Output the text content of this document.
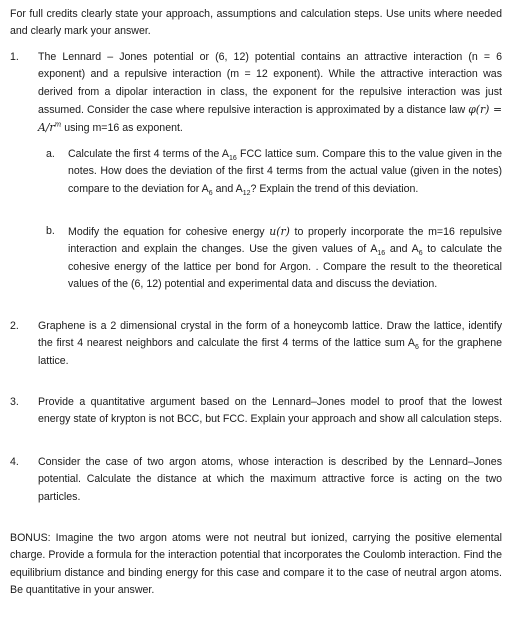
For full credits clearly state your approach, assumptions and calculation steps. Use units where needed and clearly mark your answer.

1. The Lennard – Jones potential or (6, 12) potential contains an attractive interaction (n = 6 exponent) and a repulsive interaction (m = 12 exponent). While the attractive interaction was derived from a dipolar interaction in class, the exponent for the repulsive interaction was just assumed. Consider the case where repulsive interaction is approximated by a distance law $\varphi(r) = A/r^m$ using m=16 as exponent.
a. Calculate the first 4 terms of the $A_{16}$ FCC lattice sum. Compare this to the value given in the notes. How does the deviation of the first 4 terms from the actual value (given in the notes) compare to the deviation for $A_6$ and $A_{12}$? Explain the trend of this deviation.
b. Modify the equation for cohesive energy u(r) to properly incorporate the m=16 repulsive interaction and explain the changes. Use the given values of $A_{16}$ and $A_6$ to calculate the cohesive energy of the lattice per bond for Argon. . Compare the result to the theoretical values of the (6, 12) potential and experimental data and discuss the deviation.
2. Graphene is a 2 dimensional crystal in the form of a honeycomb lattice. Draw the lattice, identify the first 4 nearest neighbors and calculate the first 4 terms of the lattice sum $A_6$ for the graphene lattice.
3. Provide a quantitative argument based on the Lennard–Jones model to proof that the lowest energy state of krypton is not BCC, but FCC. Explain your approach and show all calculation steps.
4. Consider the case of two argon atoms, whose interaction is described by the Lennard–Jones potential. Calculate the distance at which the maximum attractive force is acting on the two particles.

BONUS: Imagine the two argon atoms were not neutral but ionized, carrying the positive elemental charge. Provide a formula for the interaction potential that incorporates the Coulomb interaction. Find the equilibrium distance and binding energy for this case and compare it to the case of neutral argon atoms. Be quantitative in your answer.
